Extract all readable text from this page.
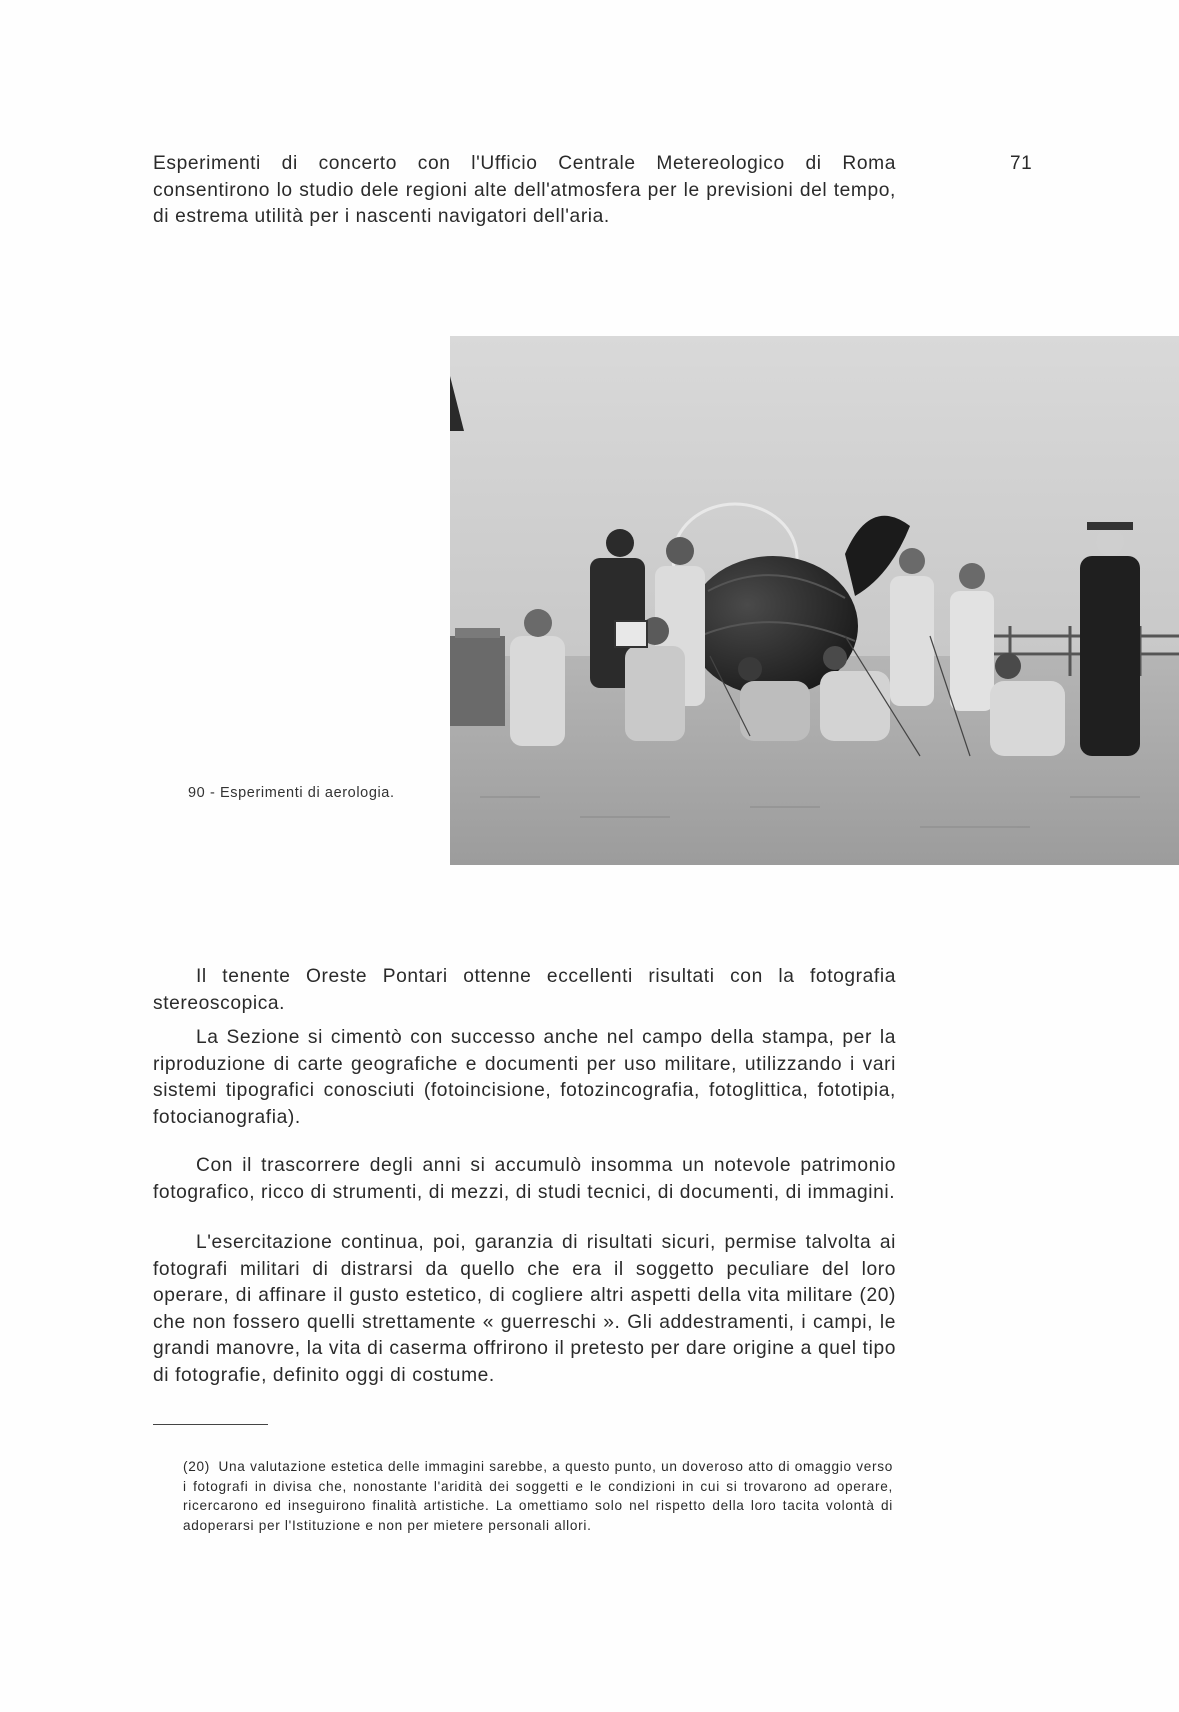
71

Esperimenti di concerto con l'Ufficio Centrale Metereologico di Roma consentirono lo studio dele regioni alte dell'atmosfera per le previsioni del tempo, di estrema utilità per i nascenti navigatori dell'aria.

90 - Esperimenti di aerologia.

Il tenente Oreste Pontari ottenne eccellenti risultati con la fotografia stereoscopica.

La Sezione si cimentò con successo anche nel campo della stampa, per la riproduzione di carte geografiche e documenti per uso militare, utilizzando i vari sistemi tipografici conosciuti (fotoincisione, fotozincografia, fotoglittica, fototipia, fotocianografia).

Con il trascorrere degli anni si accumulò insomma un notevole patrimonio fotografico, ricco di strumenti, di mezzi, di studi tecnici, di documenti, di immagini.

L'esercitazione continua, poi, garanzia di risultati sicuri, permise talvolta ai fotografi militari di distrarsi da quello che era il soggetto peculiare del loro operare, di affinare il gusto estetico, di cogliere altri aspetti della vita militare (20) che non fossero quelli strettamente « guerreschi ». Gli addestramenti, i campi, le grandi manovre, la vita di caserma offrirono il pretesto per dare origine a quel tipo di fotografie, definito oggi di costume.

(20) Una valutazione estetica delle immagini sarebbe, a questo punto, un doveroso atto di omaggio verso i fotografi in divisa che, nonostante l'aridità dei soggetti e le condizioni in cui si trovarono ad operare, ricercarono ed inseguirono finalità artistiche. La omettiamo solo nel rispetto della loro tacita volontà di adoperarsi per l'Istituzione e non per mietere personali allori.
